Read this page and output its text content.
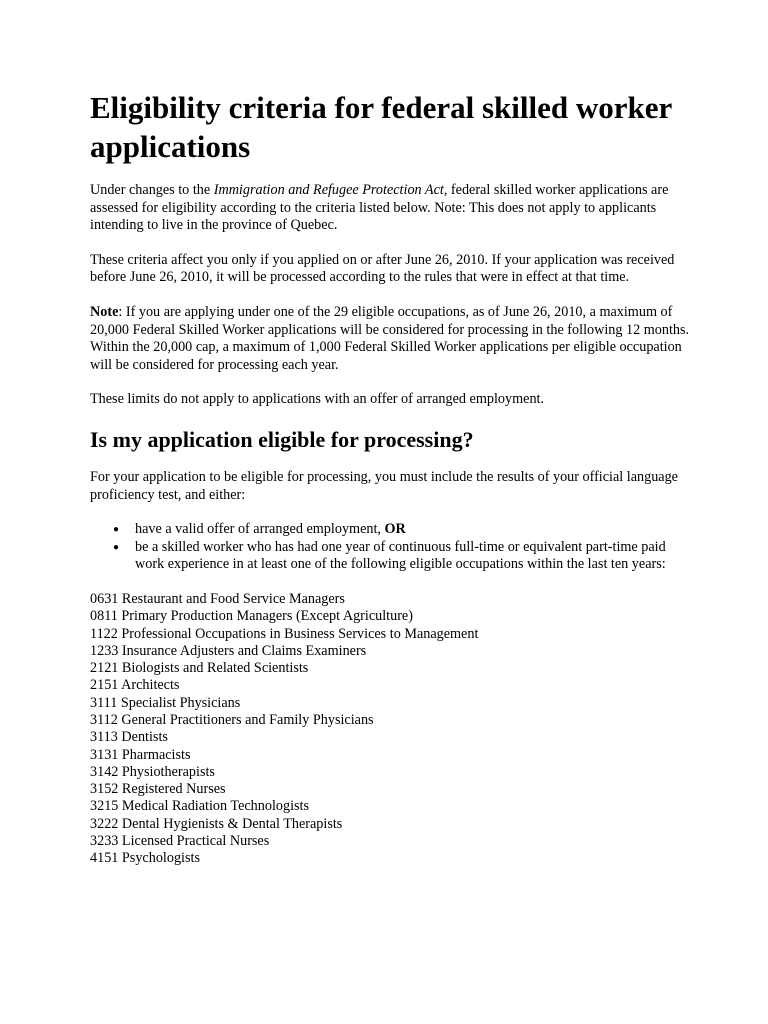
Eligibility criteria for federal skilled worker applications

Under changes to the Immigration and Refugee Protection Act, federal skilled worker applications are assessed for eligibility according to the criteria listed below. Note: This does not apply to applicants intending to live in the province of Quebec.

These criteria affect you only if you applied on or after June 26, 2010. If your application was received before June 26, 2010, it will be processed according to the rules that were in effect at that time.

Note: If you are applying under one of the 29 eligible occupations, as of June 26, 2010, a maximum of 20,000 Federal Skilled Worker applications will be considered for processing in the following 12 months. Within the 20,000 cap, a maximum of 1,000 Federal Skilled Worker applications per eligible occupation will be considered for processing each year.

These limits do not apply to applications with an offer of arranged employment.

Is my application eligible for processing?

For your application to be eligible for processing, you must include the results of your official language proficiency test, and either:

● have a valid offer of arranged employment, OR
● be a skilled worker who has had one year of continuous full-time or equivalent part-time paid work experience in at least one of the following eligible occupations within the last ten years:
0631 Restaurant and Food Service Managers
0811 Primary Production Managers (Except Agriculture)
1122 Professional Occupations in Business Services to Management
1233 Insurance Adjusters and Claims Examiners
2121 Biologists and Related Scientists
2151 Architects
3111 Specialist Physicians
3112 General Practitioners and Family Physicians
3113 Dentists
3131 Pharmacists
3142 Physiotherapists
3152 Registered Nurses
3215 Medical Radiation Technologists
3222 Dental Hygienists & Dental Therapists
3233 Licensed Practical Nurses
4151 Psychologists
